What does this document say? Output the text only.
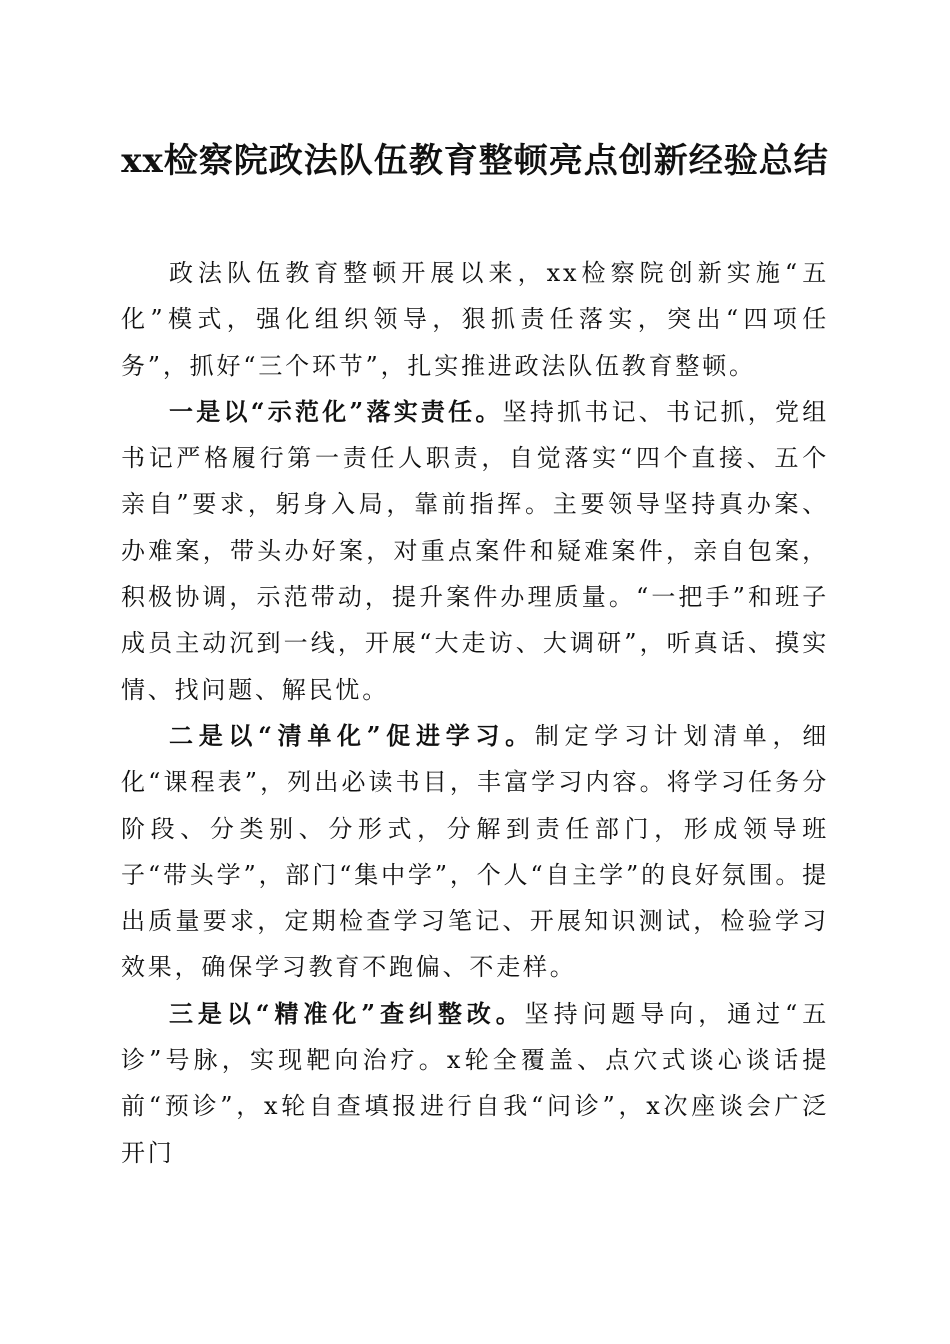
xx检察院政法队伍教育整顿亮点创新经验总结

政法队伍教育整顿开展以来，xx检察院创新实施“五化”模式，强化组织领导，狠抓责任落实，突出“四项任务”，抓好“三个环节”，扎实推进政法队伍教育整顿。

一是以“示范化”落实责任。坚持抓书记、书记抓，党组书记严格履行第一责任人职责，自觉落实“四个直接、五个亲自”要求，躬身入局，靠前指挥。主要领导坚持真办案、办难案，带头办好案，对重点案件和疑难案件，亲自包案，积极协调，示范带动，提升案件办理质量。“一把手”和班子成员主动沉到一线，开展“大走访、大调研”，听真话、摸实情、找问题、解民忧。

二是以“清单化”促进学习。制定学习计划清单，细化“课程表”，列出必读书目，丰富学习内容。将学习任务分阶段、分类别、分形式，分解到责任部门，形成领导班子“带头学”，部门“集中学”，个人“自主学”的良好氛围。提出质量要求，定期检查学习笔记、开展知识测试，检验学习效果，确保学习教育不跑偏、不走样。

三是以“精准化”查纠整改。坚持问题导向，通过“五诊”号脉，实现靶向治疗。x轮全覆盖、点穴式谈心谈话提前“预诊”，x轮自查填报进行自我“问诊”，x次座谈会广泛开门
